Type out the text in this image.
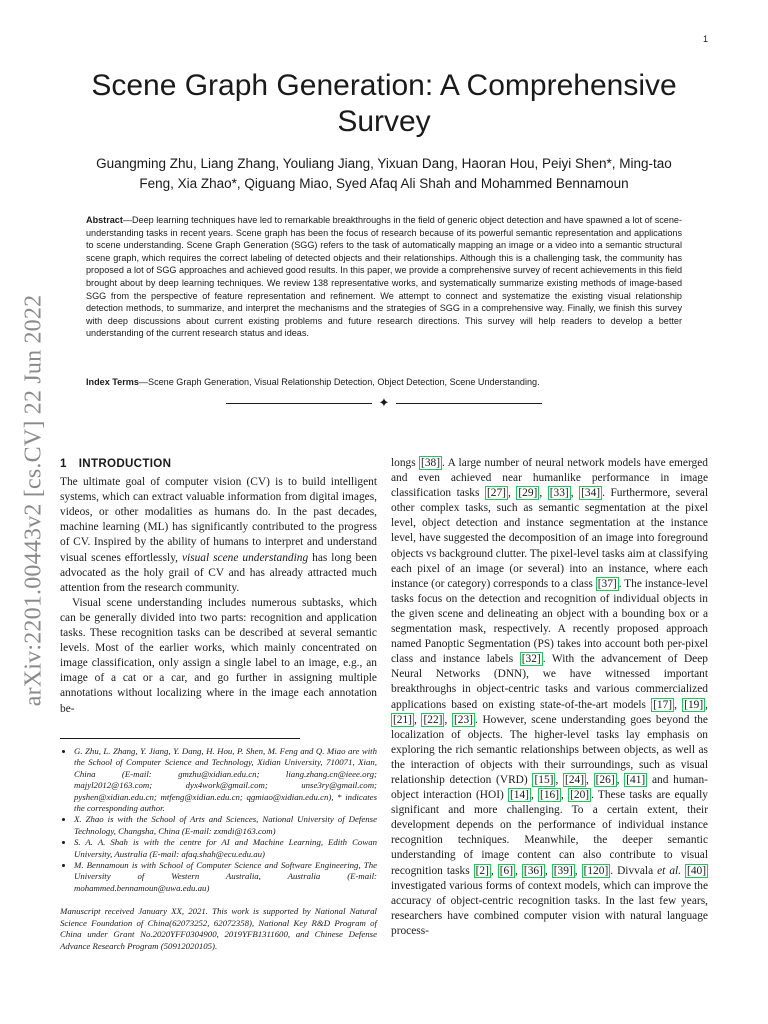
1
arXiv:2201.00443v2 [cs.CV] 22 Jun 2022
Scene Graph Generation: A Comprehensive Survey
Guangming Zhu, Liang Zhang, Youliang Jiang, Yixuan Dang, Haoran Hou, Peiyi Shen*, Ming-tao Feng, Xia Zhao*, Qiguang Miao, Syed Afaq Ali Shah and Mohammed Bennamoun
Abstract—Deep learning techniques have led to remarkable breakthroughs in the field of generic object detection and have spawned a lot of scene-understanding tasks in recent years. Scene graph has been the focus of research because of its powerful semantic representation and applications to scene understanding. Scene Graph Generation (SGG) refers to the task of automatically mapping an image or a video into a semantic structural scene graph, which requires the correct labeling of detected objects and their relationships. Although this is a challenging task, the community has proposed a lot of SGG approaches and achieved good results. In this paper, we provide a comprehensive survey of recent achievements in this field brought about by deep learning techniques. We review 138 representative works, and systematically summarize existing methods of image-based SGG from the perspective of feature representation and refinement. We attempt to connect and systematize the existing visual relationship detection methods, to summarize, and interpret the mechanisms and the strategies of SGG in a comprehensive way. Finally, we finish this survey with deep discussions about current existing problems and future research directions. This survey will help readers to develop a better understanding of the current research status and ideas.
Index Terms—Scene Graph Generation, Visual Relationship Detection, Object Detection, Scene Understanding.
✦
1 INTRODUCTION

The ultimate goal of computer vision (CV) is to build intelligent systems, which can extract valuable information from digital images, videos, or other modalities as humans do. In the past decades, machine learning (ML) has significantly contributed to the progress of CV. Inspired by the ability of humans to interpret and understand visual scenes effortlessly, visual scene understanding has long been advocated as the holy grail of CV and has already attracted much attention from the research community.

Visual scene understanding includes numerous subtasks, which can be generally divided into two parts: recognition and application tasks. These recognition tasks can be described at several semantic levels. Most of the earlier works, which mainly concentrated on image classification, only assign a single label to an image, e.g., an image of a cat or a car, and go further in assigning multiple annotations without localizing where in the image each annotation be-

• G. Zhu, L. Zhang, Y. Jiang, Y. Dang, H. Hou, P. Shen, M. Feng and Q. Miao are with the School of Computer Science and Technology, Xidian University, 710071, Xian, China (E-mail: gmzhu@xidian.edu.cn; liang.zhang.cn@ieee.org; majyl2012@163.com; dyx4work@gmail.com; unse3ry@gmail.com; pyshen@xidian.edu.cn; mtfeng@xidian.edu.cn; qgmiao@xidian.edu.cn), * indicates the corresponding author.
• X. Zhao is with the School of Arts and Sciences, National University of Defense Technology, Changsha, China (E-mail: zxmdi@163.com)
• S. A. A. Shah is with the centre for AI and Machine Learning, Edith Cowan University, Australia (E-mail: afaq.shah@ecu.edu.au)
• M. Bennamoun is with School of Computer Science and Software Engineering, The University of Western Australia, Australia (E-mail: mohammed.bennamoun@uwa.edu.au)
Manuscript received January XX, 2021. This work is supported by National Natural Science Foundation of China(62073252, 62072358), National Key R&D Program of China under Grant No.2020YFF0304900, 2019YFB1311600, and Chinese Defense Advance Research Program (50912020105).

longs [38] . A large number of neural network models have emerged and even achieved near humanlike performance in image classification tasks [27] , [29] , [33] , [34] . Furthermore, several other complex tasks, such as semantic segmentation at the pixel level, object detection and instance segmentation at the instance level, have suggested the decomposition of an image into foreground objects vs background clutter. The pixel-level tasks aim at classifying each pixel of an image (or several) into an instance, where each instance (or category) corresponds to a class [37] . The instance-level tasks focus on the detection and recognition of individual objects in the given scene and delineating an object with a bounding box or a segmentation mask, respectively. A recently proposed approach named Panoptic Segmentation (PS) takes into account both per-pixel class and instance labels [32] . With the advancement of Deep Neural Networks (DNN), we have witnessed important breakthroughs in object-centric tasks and various commercialized applications based on existing state-of-the-art models [17] , [19] , [21] , [22] , [23] . However, scene understanding goes beyond the localization of objects. The higher-level tasks lay emphasis on exploring the rich semantic relationships between objects, as well as the interaction of objects with their surroundings, such as visual relationship detection (VRD) [15] , [24] , [26] , [41] and human-object interaction (HOI) [14] , [16] , [20] . These tasks are equally significant and more challenging. To a certain extent, their development depends on the performance of individual instance recognition techniques. Meanwhile, the deeper semantic understanding of image content can also contribute to visual recognition tasks [2] , [6] , [36] , [39] , [120] . Divvala et al. [40] investigated various forms of context models, which can improve the accuracy of object-centric recognition tasks. In the last few years, researchers have combined computer vision with natural language process-
